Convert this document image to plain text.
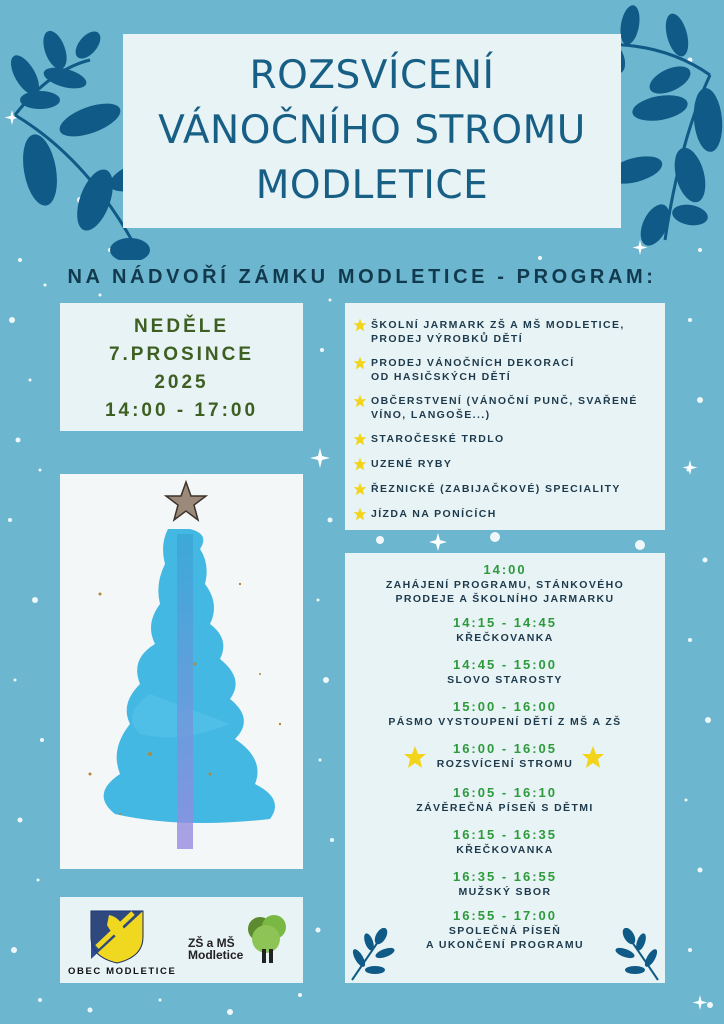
ROZSVÍCENÍ
VÁNOČNÍHO STROMU
MODLETICE
NA NÁDVOŘÍ ZÁMKU MODLETICE - PROGRAM:
NEDĚLE
7.PROSINCE
2025
14:00 - 17:00
ŠKOLNÍ JARMARK ZŠ A MŠ MODLETICE,
PRODEJ VÝROBKŮ DĚTÍ
PRODEJ VÁNOČNÍCH DEKORACÍ
OD HASIČSKÝCH DĚTÍ
OBČERSTVENÍ (VÁNOČNÍ PUNČ, SVAŘENÉ
VÍNO, LANGOŠE...)
STAROČESKÉ TRDLO
UZENÉ RYBY
ŘEZNICKÉ (ZABIJAČKOVÉ) SPECIALITY
JÍZDA NA PONÍCÍCH
14:00
ZAHÁJENÍ PROGRAMU, STÁNKOVÉHO
PRODEJE A ŠKOLNÍHO JARMARKU
14:15 - 14:45
KŘEČKOVANKA
14:45 - 15:00
SLOVO STAROSTY
15:00 - 16:00
PÁSMO VYSTOUPENÍ DĚTÍ Z MŠ A ZŠ
16:00 - 16:05
ROZSVÍCENÍ STROMU
16:05 - 16:10
ZÁVĚREČNÁ PÍSEŇ S DĚTMI
16:15 - 16:35
KŘEČKOVANKA
16:35 - 16:55
MUŽSKÝ SBOR
16:55 - 17:00
SPOLEČNÁ PÍSEŇ
A UKONČENÍ PROGRAMU
OBEC MODLETICE
ZŠ a MŠ
Modletice
